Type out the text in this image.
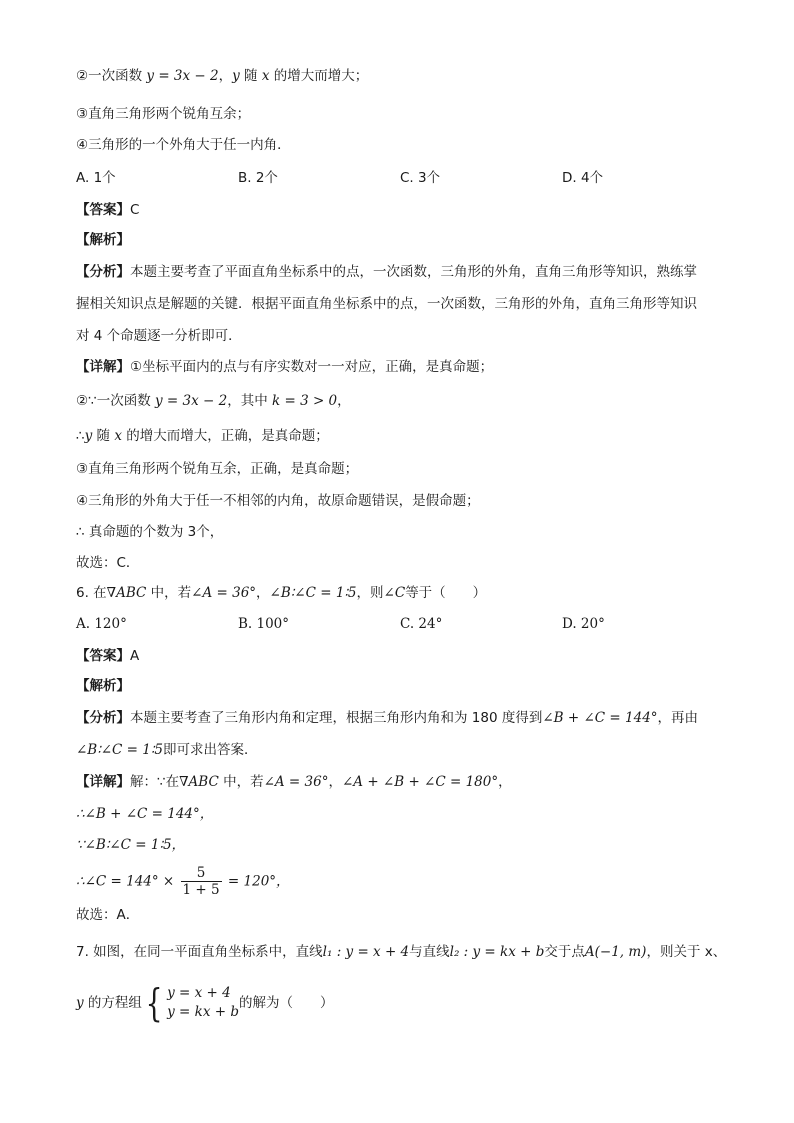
②一次函数 y = 3x − 2，y 随 x 的增大而增大；
③直角三角形两个锐角互余；
④三角形的一个外角大于任一内角．
A. 1个	B. 2个	C. 3个	D. 4个
【答案】C
【解析】
【分析】本题主要考查了平面直角坐标系中的点，一次函数，三角形的外角，直角三角形等知识，熟练掌
握相关知识点是解题的关键．根据平面直角坐标系中的点，一次函数，三角形的外角，直角三角形等知识
对 4 个命题逐一分析即可．
【详解】①坐标平面内的点与有序实数对一一对应，正确，是真命题；
②∵一次函数 y = 3x − 2，其中 k = 3 > 0，
∴y 随 x 的增大而增大，正确，是真命题；
③直角三角形两个锐角互余，正确，是真命题；
④三角形的外角大于任一不相邻的内角，故原命题错误，是假命题；
∴ 真命题的个数为 3个，
故选：C．
6. 在∇ABC 中，若∠A = 36°，∠B∶∠C = 1∶5，则∠C等于（　　）
A. 120°	B. 100°	C. 24°	D. 20°
【答案】A
【解析】
【分析】本题主要考查了三角形内角和定理，根据三角形内角和为 180 度得到∠B + ∠C = 144°，再由
∠B∶∠C = 1∶5即可求出答案．
【详解】解：∵在∇ABC 中，若∠A = 36°，∠A + ∠B + ∠C = 180°，
∴∠B + ∠C = 144°，
∵∠B∶∠C = 1∶5，
∴∠C = $144^\circ \times \frac{5}{1 + 5} = 120^\circ$，
故选：A．
7. 如图，在同一平面直角坐标系中，直线l₁ : y = x + 4与直线l₂ : y = kx + b交于点A(−1, m)，则关于 x、
y 的方程组 { y = x + 4
y = kx + b
的解为（　　）
